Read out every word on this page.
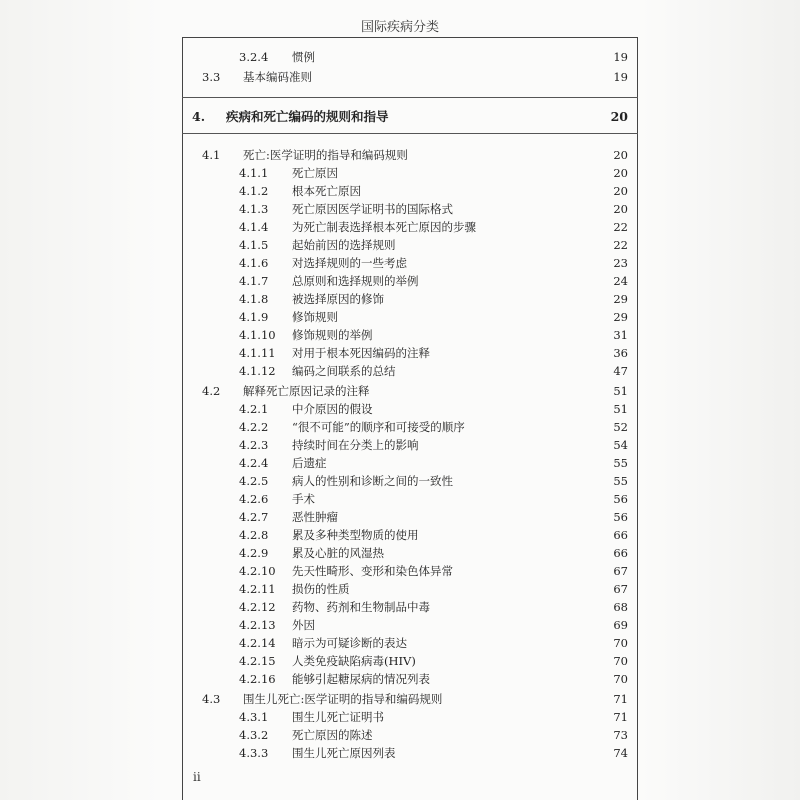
国际疾病分类
3.2.4 惯例	19
3.3 基本编码准则	19
4. 疾病和死亡编码的规则和指导	20
4.1 死亡:医学证明的指导和编码规则	20
4.1.1 死亡原因	20
4.1.2 根本死亡原因	20
4.1.3 死亡原因医学证明书的国际格式	20
4.1.4 为死亡制表选择根本死亡原因的步骤	22
4.1.5 起始前因的选择规则	22
4.1.6 对选择规则的一些考虑	23
4.1.7 总原则和选择规则的举例	24
4.1.8 被选择原因的修饰	29
4.1.9 修饰规则	29
4.1.10 修饰规则的举例	31
4.1.11 对用于根本死因编码的注释	36
4.1.12 编码之间联系的总结	47
4.2 解释死亡原因记录的注释	51
4.2.1 中介原因的假设	51
4.2.2 “很不可能”的顺序和可接受的顺序	52
4.2.3 持续时间在分类上的影响	54
4.2.4 后遗症	55
4.2.5 病人的性别和诊断之间的一致性	55
4.2.6 手术	56
4.2.7 恶性肿瘤	56
4.2.8 累及多种类型物质的使用	66
4.2.9 累及心脏的风湿热	66
4.2.10 先天性畸形、变形和染色体异常	67
4.2.11 损伤的性质	67
4.2.12 药物、药剂和生物制品中毒	68
4.2.13 外因	69
4.2.14 暗示为可疑诊断的表达	70
4.2.15 人类免疫缺陷病毒(HIV)	70
4.2.16 能够引起糖尿病的情况列表	70
4.3 围生儿死亡:医学证明的指导和编码规则	71
4.3.1 围生儿死亡证明书	71
4.3.2 死亡原因的陈述	73
4.3.3 围生儿死亡原因列表	74
ii
